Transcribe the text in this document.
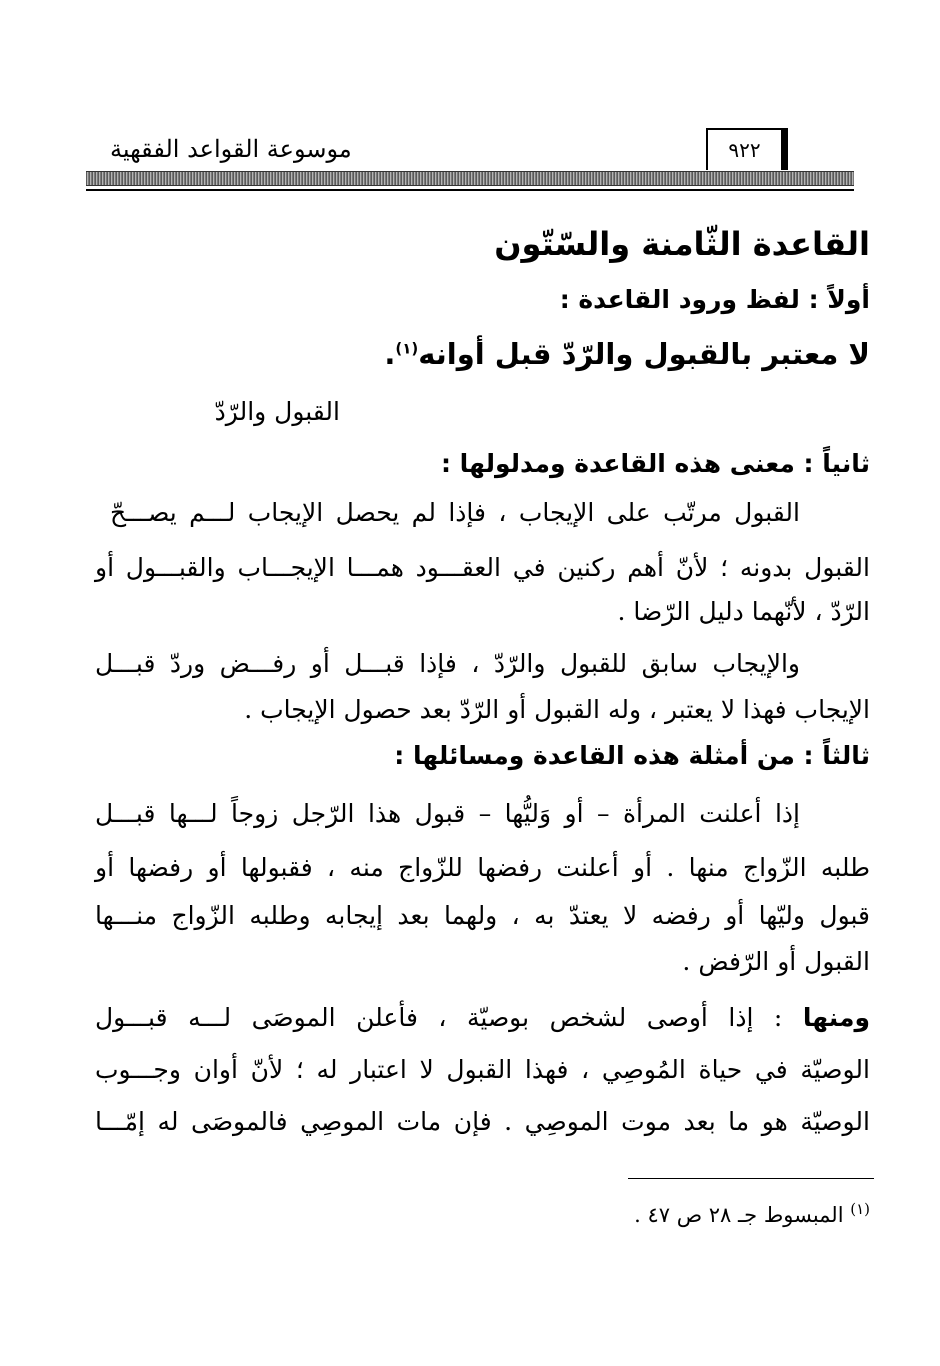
موسوعة القواعد الفقهية	٩٢٢
القاعدة الثّامنة والسّتّون
أولاً : لفظ ورود القاعدة :
لا معتبر بالقبول والرّدّ قبل أوانه$^{(١)}$.
القبول والرّدّ
ثانياً : معنى هذه القاعدة ومدلولها :
القبول مرتّب على الإيجاب ، فإذا لم يحصل الإيجاب لـــم يصـــحّ
القبول بدونه ؛ لأنّ أهم ركنين في العقـــود همـــا الإيجـــاب والقبـــول أو
الرّدّ ، لأنّهما دليل الرّضا .
والإيجاب سابق للقبول والرّدّ ، فإذا قبـــل أو رفـــض وردّ قبـــل
الإيجاب فهذا لا يعتبر ، وله القبول أو الرّدّ بعد حصول الإيجاب .
ثالثاً : من أمثلة هذه القاعدة ومسائلها :
إذا أعلنت المرأة – أو وَليُّها – قبول هذا الرّجل زوجاً لـــها قبـــل
طلبه الزّواج منها . أو أعلنت رفضها للزّواج منه ، فقبولها أو رفضها أو
قبول وليّها أو رفضه لا يعتدّ به ، ولهما بعد إيجابه وطلبه الزّواج منـــها
القبول أو الرّفض .
ومنها : إذا أوصى لشخص بوصيّة ، فأعلن الموصَى لـــه قبـــول
الوصيّة في حياة المُوصِي ، فهذا القبول لا اعتبار له ؛ لأنّ أوان وجـــوب
الوصيّة هو ما بعد موت الموصِي . فإن مات الموصِي فالموصَى له إمّـــا
$^{(١)}$ المبسوط جـ ٢٨ ص ٤٧ .
